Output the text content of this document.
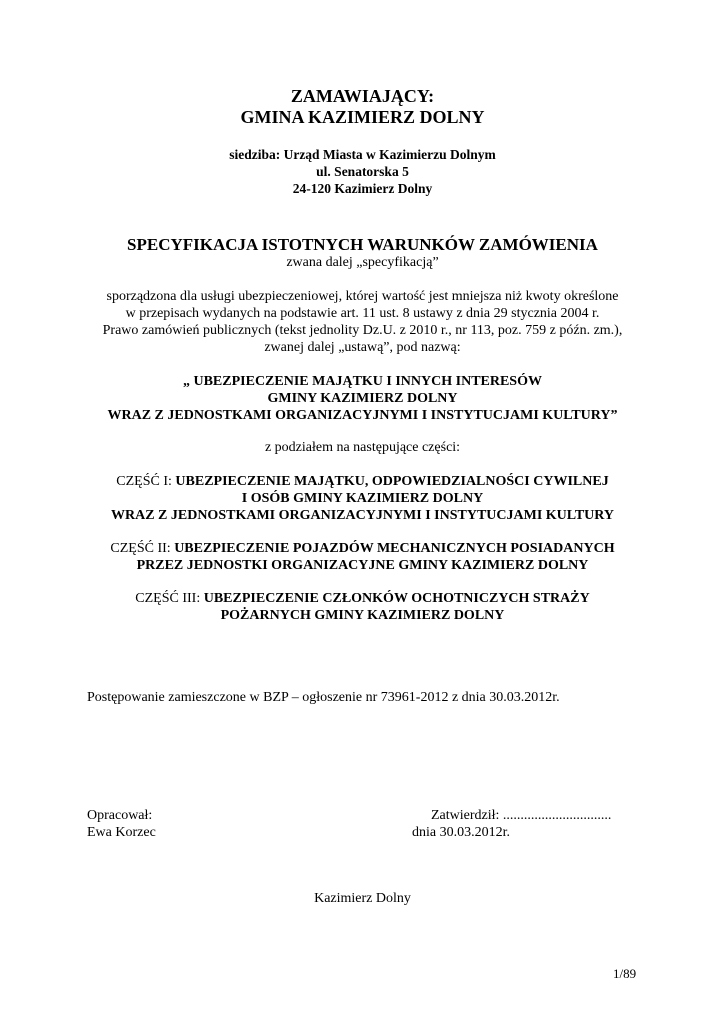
ZAMAWIAJĄCY:
GMINA KAZIMIERZ DOLNY
siedziba: Urząd Miasta w Kazimierzu Dolnym
ul. Senatorska 5
24-120 Kazimierz Dolny
SPECYFIKACJA ISTOTNYCH WARUNKÓW ZAMÓWIENIA
zwana dalej „specyfikacją”
sporządzona dla usługi ubezpieczeniowej, której wartość jest mniejsza niż kwoty określone
w przepisach wydanych na podstawie art. 11 ust. 8 ustawy z dnia 29 stycznia 2004 r.
Prawo zamówień publicznych (tekst jednolity Dz.U. z 2010 r., nr 113, poz. 759 z późn. zm.),
zwanej dalej „ustawą”, pod nazwą:
„ UBEZPIECZENIE MAJĄTKU I INNYCH INTERESÓW
GMINY KAZIMIERZ DOLNY
WRAZ Z JEDNOSTKAMI ORGANIZACYJNYMI I INSTYTUCJAMI KULTURY”
z podziałem na następujące części:
CZĘŚĆ I: UBEZPIECZENIE MAJĄTKU, ODPOWIEDZIALNOŚCI CYWILNEJ
I OSÓB GMINY KAZIMIERZ DOLNY
WRAZ Z JEDNOSTKAMI ORGANIZACYJNYMI I INSTYTUCJAMI KULTURY
CZĘŚĆ II: UBEZPIECZENIE POJAZDÓW MECHANICZNYCH POSIADANYCH
PRZEZ JEDNOSTKI ORGANIZACYJNE GMINY KAZIMIERZ DOLNY
CZĘŚĆ III: UBEZPIECZENIE CZŁONKÓW OCHOTNICZYCH STRAŻY
POŻARNYCH GMINY KAZIMIERZ DOLNY
Postępowanie zamieszczone w BZP – ogłoszenie nr 73961-2012 z dnia 30.03.2012r.
Opracował:
Ewa Korzec
Zatwierdził: ...............................
dnia 30.03.2012r.
Kazimierz Dolny
1/89
